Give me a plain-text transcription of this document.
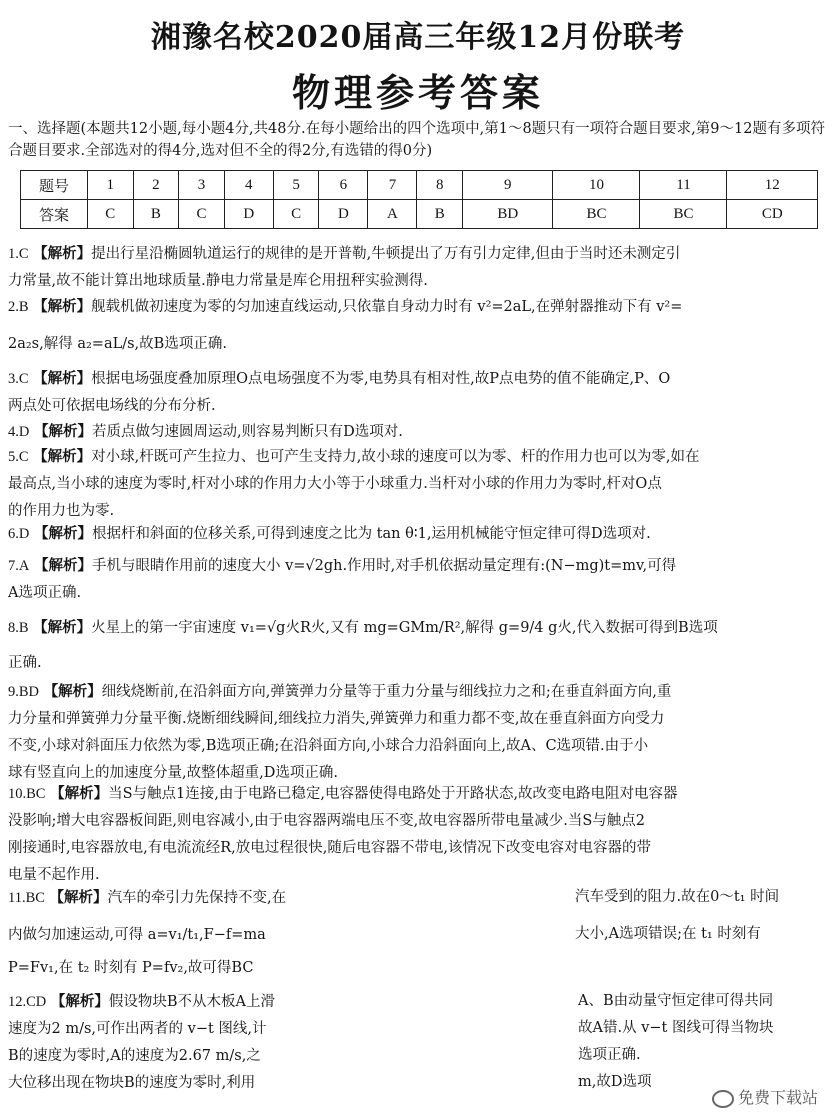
湘豫名校2020届高三年级12月份联考
物理参考答案
一、选择题(本题共12小题,每小题4分,共48分.在每小题给出的四个选项中,第1～8题只有一项符合题目要求,第9～12题有多项符合题目要求.全部选对的得4分,选对但不全的得2分,有选错的得0分)
题号	1	2	3	4	5	6	7	8	9	10	11	12
答案	C	B	C	D	C	D	A	B	BD	BC	BC	CD
1.C 【解析】提出行星沿椭圆轨道运行的规律的是开普勒,牛顿提出了万有引力定律,但由于当时还未测定引
力常量,故不能计算出地球质量.静电力常量是库仑用扭秤实验测得.
2.B 【解析】舰载机做初速度为零的匀加速直线运动,只依靠自身动力时有 v²=2aL,在弹射器推动下有 v²=
2a₂s,解得 a₂=aL/s,故B选项正确.
3.C 【解析】根据电场强度叠加原理O点电场强度不为零,电势具有相对性,故P点电势的值不能确定,P、O
两点处可依据电场线的分布分析.
4.D 【解析】若质点做匀速圆周运动,则容易判断只有D选项对.
5.C 【解析】对小球,杆既可产生拉力、也可产生支持力,故小球的速度可以为零、杆的作用力也可以为零,如在
最高点,当小球的速度为零时,杆对小球的作用力大小等于小球重力.当杆对小球的作用力为零时,杆对O点
的作用力也为零.
6.D 【解析】根据杆和斜面的位移关系,可得到速度之比为 tan θ∶1,运用机械能守恒定律可得D选项对.
7.A 【解析】手机与眼睛作用前的速度大小 v=√2gh.作用时,对手机依据动量定理有:(N−mg)t=mv,可得
A选项正确.
8.B 【解析】火星上的第一宇宙速度 v₁=√g火R火,又有 mg=GMm/R²,解得 g=9/4 g火,代入数据可得到B选项
正确.
9.BD 【解析】细线烧断前,在沿斜面方向,弹簧弹力分量等于重力分量与细线拉力之和;在垂直斜面方向,重
力分量和弹簧弹力分量平衡.烧断细线瞬间,细线拉力消失,弹簧弹力和重力都不变,故在垂直斜面方向受力
不变,小球对斜面压力依然为零,B选项正确;在沿斜面方向,小球合力沿斜面向上,故A、C选项错.由于小
球有竖直向上的加速度分量,故整体超重,D选项正确.
10.BC 【解析】当S与触点1连接,由于电路已稳定,电容器使得电路处于开路状态,故改变电路电阻对电容器
没影响;增大电容器板间距,则电容减小,由于电容器两端电压不变,故电容器所带电量减少.当S与触点2
刚接通时,电容器放电,有电流流经R,放电过程很快,随后电容器不带电,该情况下改变电容对电容器的带
电量不起作用.
11.BC 【解析】汽车的牵引力先保持不变,在
内做匀加速运动,可得 a=v₁/t₁,F−f=ma
P=Fv₁,在 t₂ 时刻有 P=fv₂,故可得BC
汽车受到的阻力.故在0～t₁ 时间
大小,A选项错误;在 t₁ 时刻有
12.CD 【解析】假设物块B不从木板A上滑
速度为2 m/s,可作出两者的 v−t 图线,计
B的速度为零时,A的速度为2.67 m/s,之
大位移出现在物块B的速度为零时,利用
A、B由动量守恒定律可得共同
故A错.从 v−t 图线可得当物块
选项正确.
m,故D选项
免费下载站
